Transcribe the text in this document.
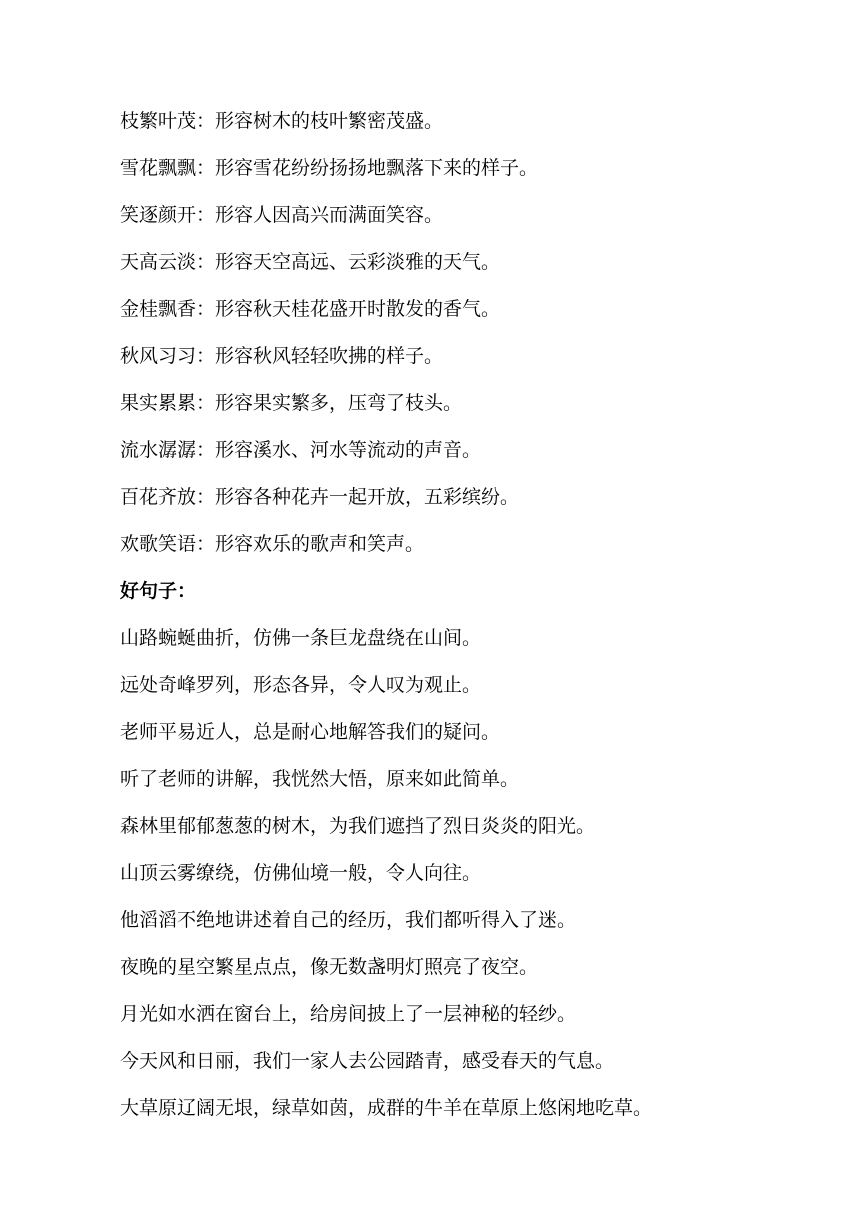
枝繁叶茂：形容树木的枝叶繁密茂盛。
雪花飘飘：形容雪花纷纷扬扬地飘落下来的样子。
笑逐颜开：形容人因高兴而满面笑容。
天高云淡：形容天空高远、云彩淡雅的天气。
金桂飘香：形容秋天桂花盛开时散发的香气。
秋风习习：形容秋风轻轻吹拂的样子。
果实累累：形容果实繁多，压弯了枝头。
流水潺潺：形容溪水、河水等流动的声音。
百花齐放：形容各种花卉一起开放，五彩缤纷。
欢歌笑语：形容欢乐的歌声和笑声。
好句子：
山路蜿蜒曲折，仿佛一条巨龙盘绕在山间。
远处奇峰罗列，形态各异，令人叹为观止。
老师平易近人，总是耐心地解答我们的疑问。
听了老师的讲解，我恍然大悟，原来如此简单。
森林里郁郁葱葱的树木，为我们遮挡了烈日炎炎的阳光。
山顶云雾缭绕，仿佛仙境一般，令人向往。
他滔滔不绝地讲述着自己的经历，我们都听得入了迷。
夜晚的星空繁星点点，像无数盏明灯照亮了夜空。
月光如水洒在窗台上，给房间披上了一层神秘的轻纱。
今天风和日丽，我们一家人去公园踏青，感受春天的气息。
大草原辽阔无垠，绿草如茵，成群的牛羊在草原上悠闲地吃草。
